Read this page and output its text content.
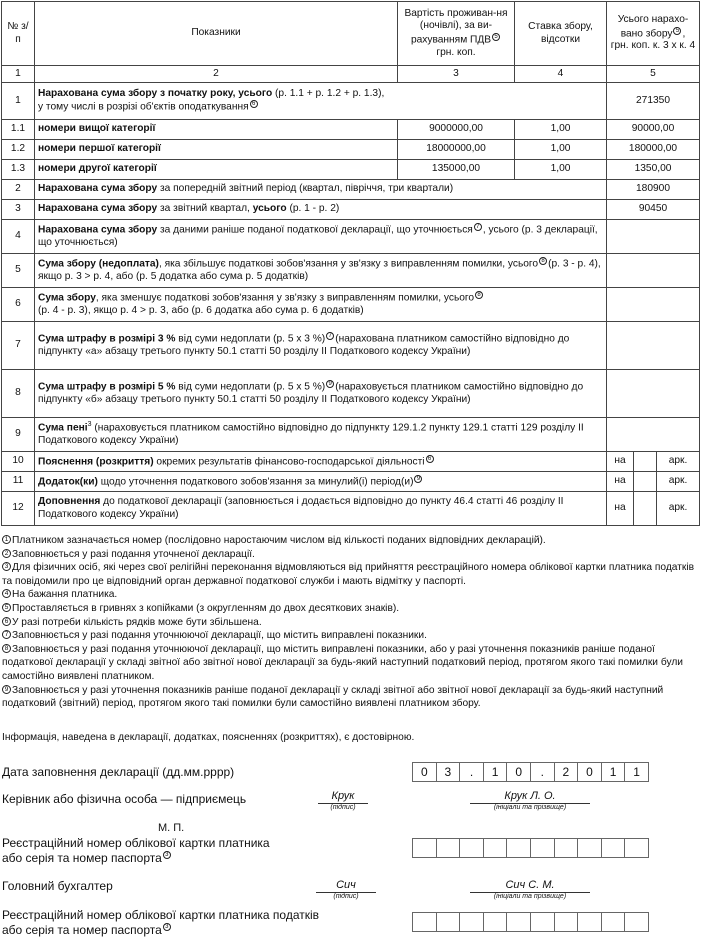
№ з/п	Показники	Вартість проживан-ня (ночівлі), за ви-рахуванням ПДВ 5
грн. коп.	Ставка збору, відсотки	Усього нарахо-вано збору 5 ,
грн. коп. к. 3 х к. 4		
1	2	3	4	5		
1	Нарахована сума збору з початку року, усього (р. 1.1 + р. 1.2 + р. 1.3),
у тому числі в розрізі об'єктів оподаткування 6			271350		
1.1	номери вищої категорії	9000000,00	1,00	90000,00		
1.2	номери першої категорії	18000000,00	1,00	180000,00		
1.3	номери другої категорії	135000,00	1,00	1350,00		
2	Нарахована сума збору за попередній звітний період (квартал, півріччя, три квартали)			180900		
3	Нарахована сума збору за звітний квартал, усього (р. 1 - р. 2)			90450		
4	Нарахована сума збору за даними раніше поданої податкової декларації, що уточнюється 7 , усього (р. 3 декларації, що уточнюється)					
5	Сума збору (недоплата), яка збільшує податкові зобов'язання у зв'язку з виправленням помилки, усього 8 (р. 3 - р. 4), якщо р. 3 > р. 4, або (р. 5 додатка або сума р. 5 додатків)					
6	Сума збору, яка зменшує податкові зобов'язання у зв'язку з виправленням помилки, усього 8
(р. 4 - р. 3), якщо р. 4 > р. 3, або (р. 6 додатка або сума р. 6 додатків)					
7	Сума штрафу в розмірі 3 % від суми недоплати (р. 5 х 3 %) 7 (нарахована платником самостійно відповідно до підпункту «а» абзацу третього пункту 50.1 статті 50 розділу II Податкового кодексу України)					
8	Сума штрафу в розмірі 5 % від суми недоплати (р. 5 х 5 %) 9 (нараховується платником самостійно відповідно до підпункту «б» абзацу третього пункту 50.1 статті 50 розділу II Податкового кодексу України)					
9	Сума пені$^3$ (нараховується платником самостійно відповідно до підпункту 129.1.2 пункту 129.1 статті 129 розділу II Податкового кодексу України)					
10	Пояснення (розкриття) окремих результатів фінансово-господарської діяльності 6			на		арк.
11	Додаток(ки) щодо уточнення податкового зобов'язання за минулий(і) період(и) 9			на		арк.
12	Доповнення до податкової декларації (заповнюється і додається відповідно до пункту 46.4 статті 46 розділу II Податкового кодексу України)			на		арк.

1 Платником зазначається номер (послідовно наростаючим числом від кількості поданих відповідних декларацій).

2 Заповнюється у разі подання уточненої декларації.

3 Для фізичних осіб, які через свої релігійні переконання відмовляються від прийняття реєстраційного номера облікової картки платника податків та повідомили про це відповідний орган державної податкової служби і мають відмітку у паспорті.

4 На бажання платника.

5 Проставляється в гривнях з копійками (з округленням до двох десяткових знаків).

6 У разі потреби кількість рядків може бути збільшена.

7 Заповнюється у разі подання уточнюючої декларації, що містить виправлені показники.

8 Заповнюється у разі подання уточнюючої декларації, що містить виправлені показники, або у разі уточнення показників раніше поданої податкової декларації у складі звітної або звітної нової декларації за будь-який наступний податковий період, протягом якого такі помилки були самостійно виявлені платником.

9 Заповнюється у разі уточнення показників раніше поданої декларації у складі звітної або звітної нової декларації за будь-який наступний податковий (звітний) період, протягом якого такі помилки були самостійно виявлені платником збору.

Інформація, наведена в декларації, додатках, поясненнях (розкриттях), є достовірною.
Дата заповнення декларації (дд.мм.рррр)	0	3	.	1	0	.	2	0	1	1
Керівник або фізична особа — підприємець	Крук
(підпис)
Крук Л. О.
(ініціали та прізвище)
М. П.
Реєстраційний номер облікової картки платника
або серія та номер паспорта 3
Головний бухгалтер	Сич
(підпис)
Сич С. М.
(ініціали та прізвище)
Реєстраційний номер облікової картки платника податків
або серія та номер паспорта 3
